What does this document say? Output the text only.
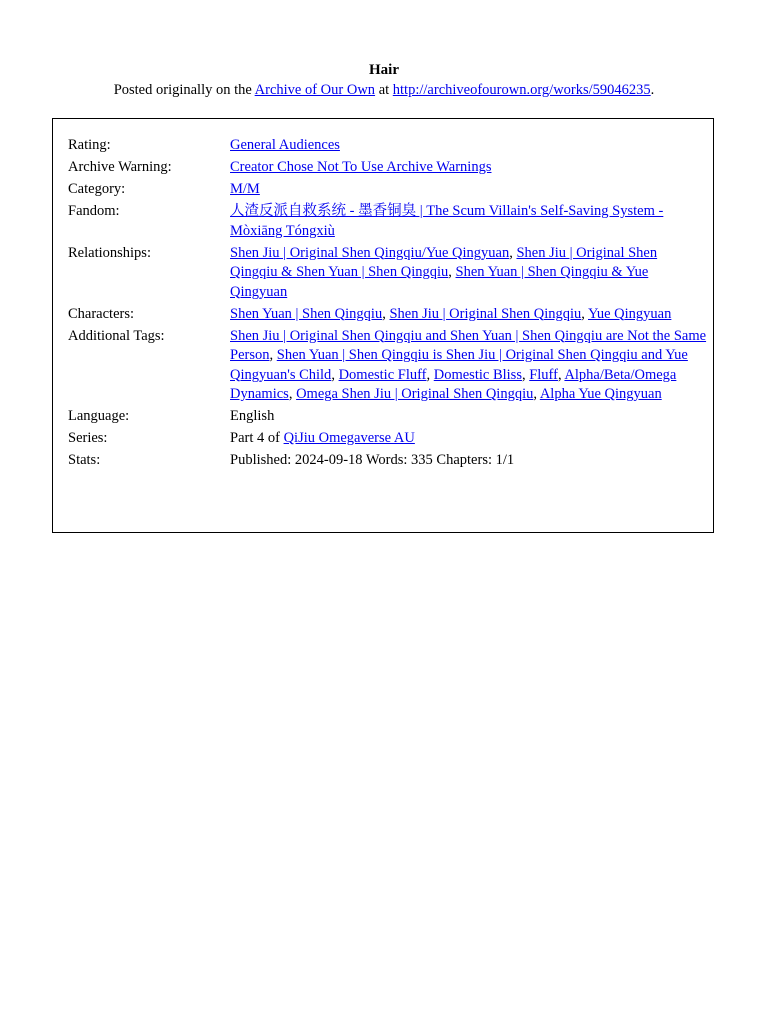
Hair
Posted originally on the Archive of Our Own at http://archiveofourown.org/works/59046235.
Rating:	General Audiences
Archive Warning:	Creator Chose Not To Use Archive Warnings
Category:	M/M
Fandom:	人渣反派自救系统 - 墨香铜臭 | The Scum Villain's Self-Saving System - Mòxiāng Tóngxiù
Relationships:	Shen Jiu | Original Shen Qingqiu/Yue Qingyuan, Shen Jiu | Original Shen Qingqiu & Shen Yuan | Shen Qingqiu, Shen Yuan | Shen Qingqiu & Yue Qingyuan
Characters:	Shen Yuan | Shen Qingqiu, Shen Jiu | Original Shen Qingqiu, Yue Qingyuan
Additional Tags:	Shen Jiu | Original Shen Qingqiu and Shen Yuan | Shen Qingqiu are Not the Same Person, Shen Yuan | Shen Qingqiu is Shen Jiu | Original Shen Qingqiu and Yue Qingyuan's Child, Domestic Fluff, Domestic Bliss, Fluff, Alpha/Beta/Omega Dynamics, Omega Shen Jiu | Original Shen Qingqiu, Alpha Yue Qingyuan
Language:	English
Series:	Part 4 of QiJiu Omegaverse AU
Stats:	Published: 2024-09-18 Words: 335 Chapters: 1/1
